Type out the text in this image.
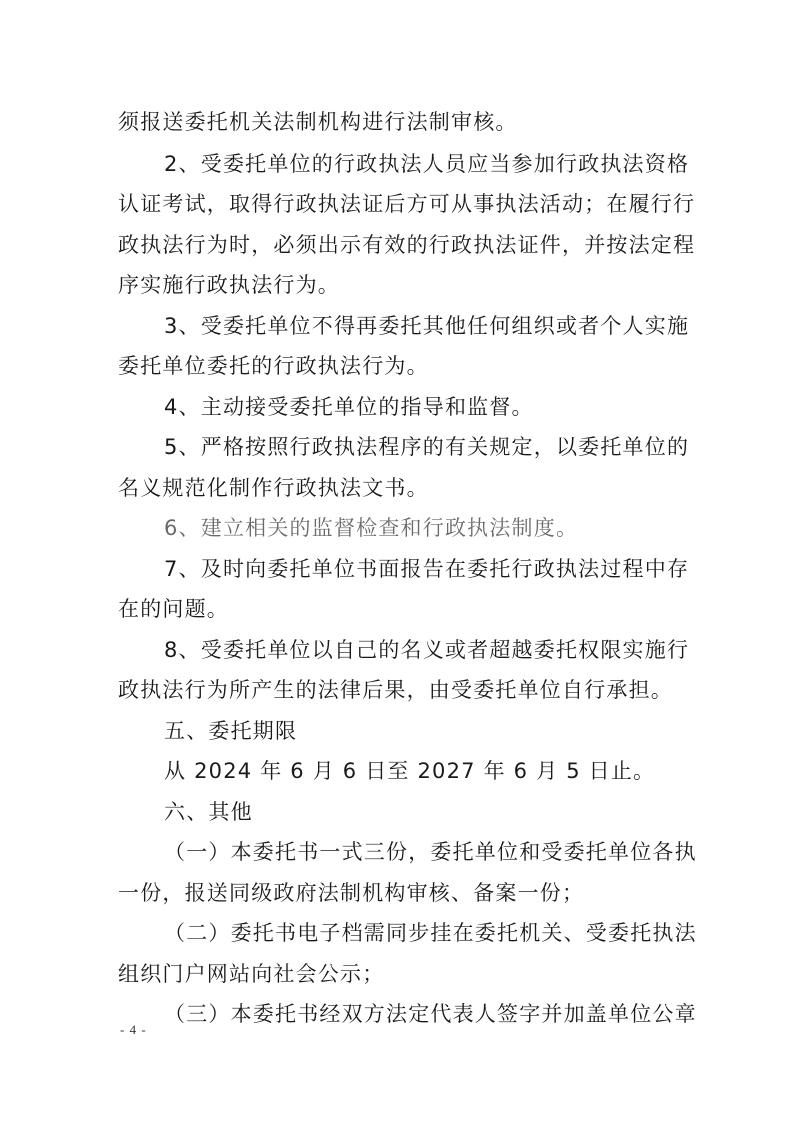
须报送委托机关法制机构进行法制审核。
2、受委托单位的行政执法人员应当参加行政执法资格
认证考试，取得行政执法证后方可从事执法活动；在履行行
政执法行为时，必须出示有效的行政执法证件，并按法定程
序实施行政执法行为。
3、受委托单位不得再委托其他任何组织或者个人实施
委托单位委托的行政执法行为。
4、主动接受委托单位的指导和监督。
5、严格按照行政执法程序的有关规定，以委托单位的
名义规范化制作行政执法文书。
6、建立相关的监督检查和行政执法制度。
7、及时向委托单位书面报告在委托行政执法过程中存
在的问题。
8、受委托单位以自己的名义或者超越委托权限实施行
政执法行为所产生的法律后果，由受委托单位自行承担。
五、委托期限
从 2024 年 6 月 6 日至 2027 年 6 月 5 日止。
六、其他
（一）本委托书一式三份，委托单位和受委托单位各执
一份，报送同级政府法制机构审核、备案一份；
（二）委托书电子档需同步挂在委托机关、受委托执法
组织门户网站向社会公示；
（三）本委托书经双方法定代表人签字并加盖单位公章
- 4 -
